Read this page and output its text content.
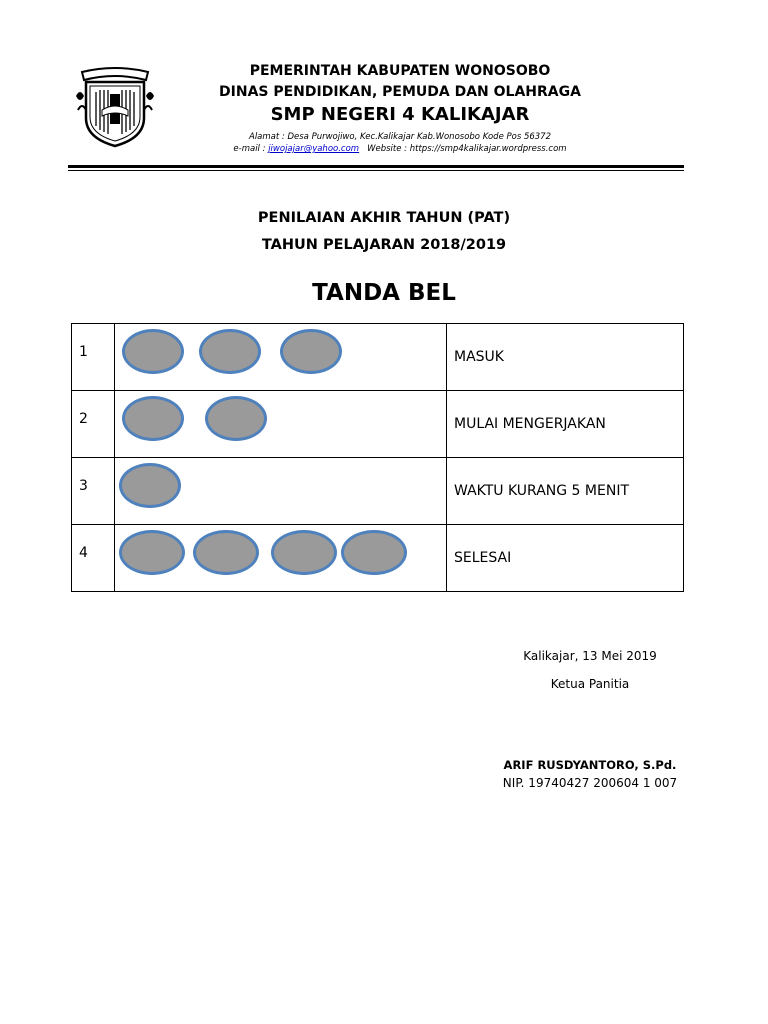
PEMERINTAH KABUPATEN WONOSOBO
DINAS PENDIDIKAN, PEMUDA DAN OLAHRAGA
SMP NEGERI 4 KALIKAJAR
Alamat : Desa Purwojiwo, Kec.Kalikajar Kab.Wonosobo Kode Pos 56372
e-mail : jiwojajar@yahoo.com Website : https://smp4kalikajar.wordpress.com
PENILAIAN AKHIR TAHUN (PAT)
TAHUN PELAJARAN 2018/2019
TANDA BEL
1		MASUK

2		MULAI MENGERJAKAN

3		WAKTU KURANG 5 MENIT

4		SELESAI
Kalikajar, 13 Mei 2019
Ketua Panitia
ARIF RUSDYANTORO, S.Pd.
NIP. 19740427 200604 1 007
